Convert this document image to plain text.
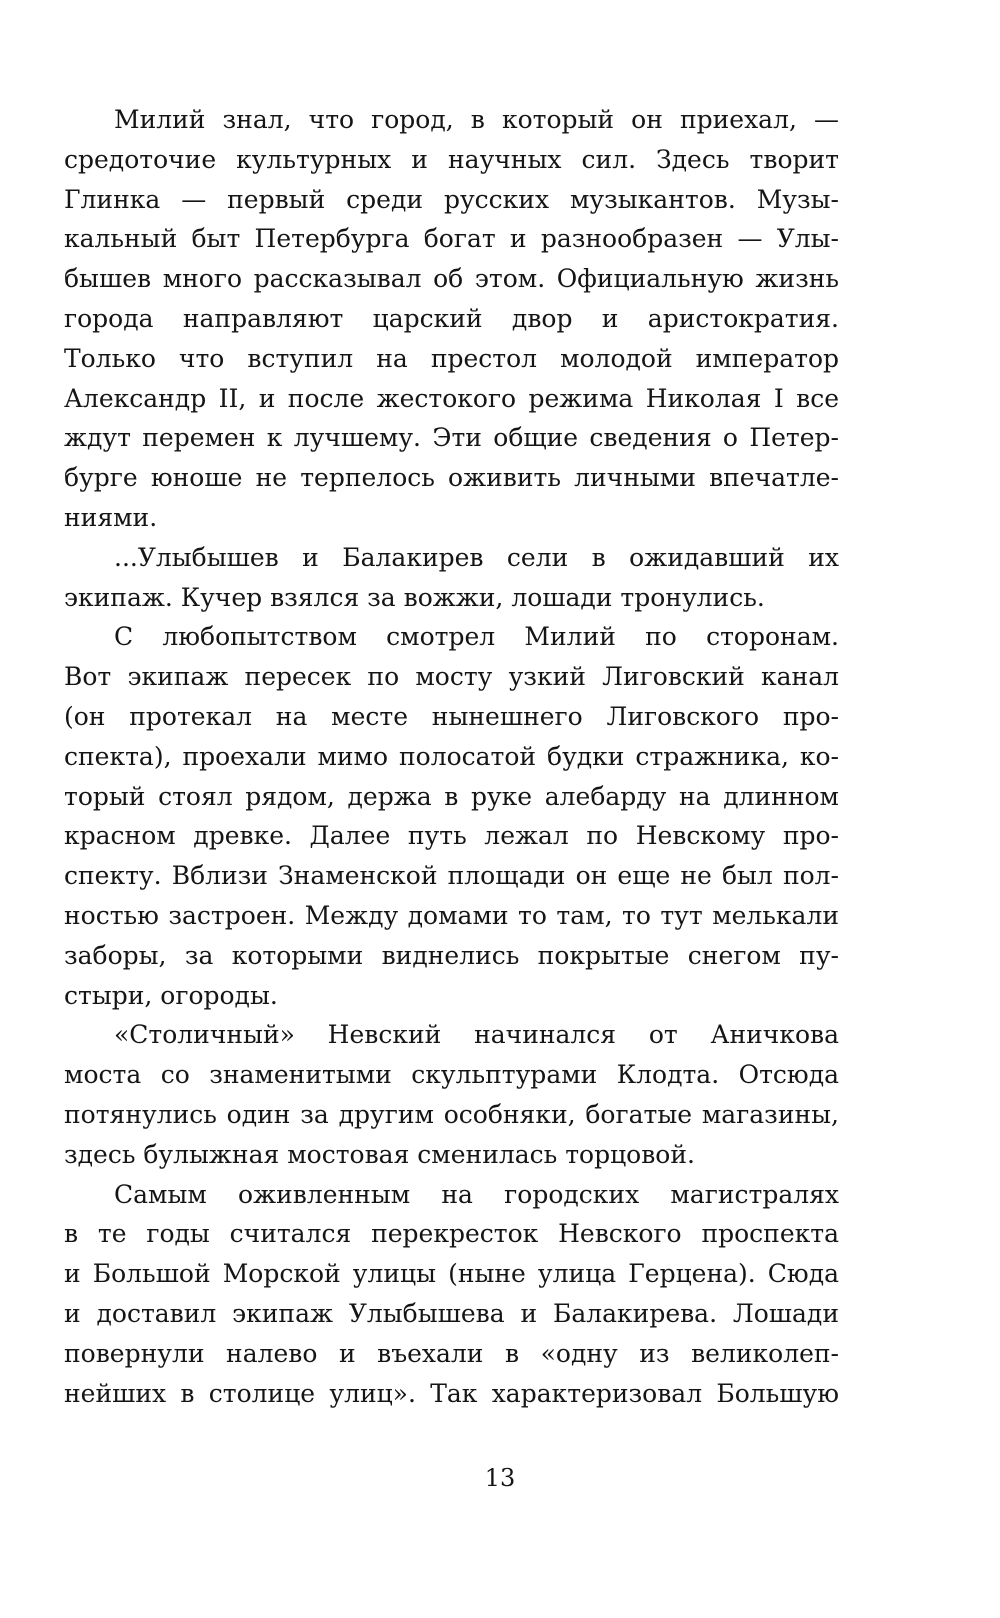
Милий знал, что город, в который он приехал, —
средоточие культурных и научных сил. Здесь творит
Глинка — первый среди русских музыкантов. Музы-
кальный быт Петербурга богат и разнообразен — Улы-
бышев много рассказывал об этом. Официальную жизнь
города направляют царский двор и аристократия.
Только что вступил на престол молодой император
Александр II, и после жестокого режима Николая I все
ждут перемен к лучшему. Эти общие сведения о Петер-
бурге юноше не терпелось оживить личными впечатле-
ниями.
...Улыбышев и Балакирев сели в ожидавший их
экипаж. Кучер взялся за вожжи, лошади тронулись.
С любопытством смотрел Милий по сторонам.
Вот экипаж пересек по мосту узкий Лиговский канал
(он протекал на месте нынешнего Лиговского про-
спекта), проехали мимо полосатой будки стражника, ко-
торый стоял рядом, держа в руке алебарду на длинном
красном древке. Далее путь лежал по Невскому про-
спекту. Вблизи Знаменской площади он еще не был пол-
ностью застроен. Между домами то там, то тут мелькали
заборы, за которыми виднелись покрытые снегом пу-
стыри, огороды.
«Столичный» Невский начинался от Аничкова
моста со знаменитыми скульптурами Клодта. Отсюда
потянулись один за другим особняки, богатые магазины,
здесь булыжная мостовая сменилась торцовой.
Самым оживленным на городских магистралях
в те годы считался перекресток Невского проспекта
и Большой Морской улицы (ныне улица Герцена). Сюда
и доставил экипаж Улыбышева и Балакирева. Лошади
повернули налево и въехали в «одну из великолеп-
нейших в столице улиц». Так характеризовал Большую
13
